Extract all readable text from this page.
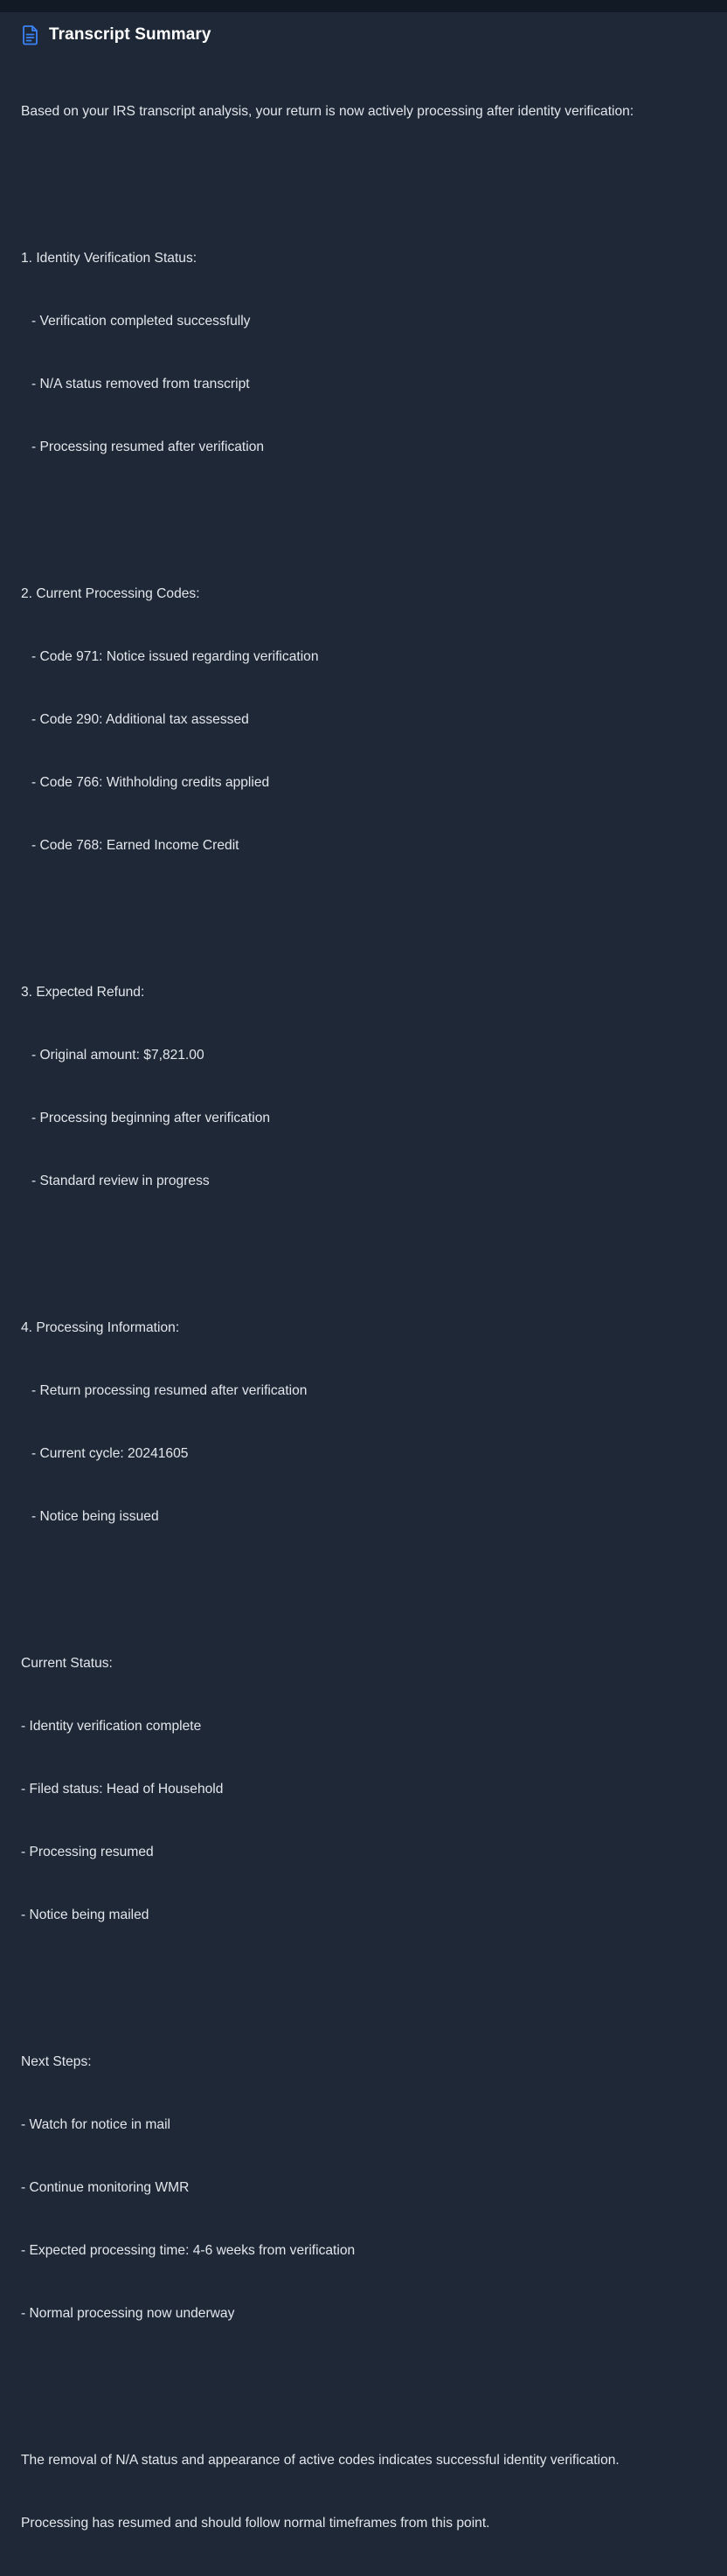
Transcript Summary

Based on your IRS transcript analysis, your return is now actively processing after identity verification:

1. Identity Verification Status:

- Verification completed successfully

- N/A status removed from transcript

- Processing resumed after verification

2. Current Processing Codes:

- Code 971: Notice issued regarding verification

- Code 290: Additional tax assessed

- Code 766: Withholding credits applied

- Code 768: Earned Income Credit

3. Expected Refund:

- Original amount: $7,821.00

- Processing beginning after verification

- Standard review in progress

4. Processing Information:

- Return processing resumed after verification

- Current cycle: 20241605

- Notice being issued

Current Status:

- Identity verification complete

- Filed status: Head of Household

- Processing resumed

- Notice being mailed

Next Steps:

- Watch for notice in mail

- Continue monitoring WMR

- Expected processing time: 4-6 weeks from verification

- Normal processing now underway

The removal of N/A status and appearance of active codes indicates successful identity verification.

Processing has resumed and should follow normal timeframes from this point.
